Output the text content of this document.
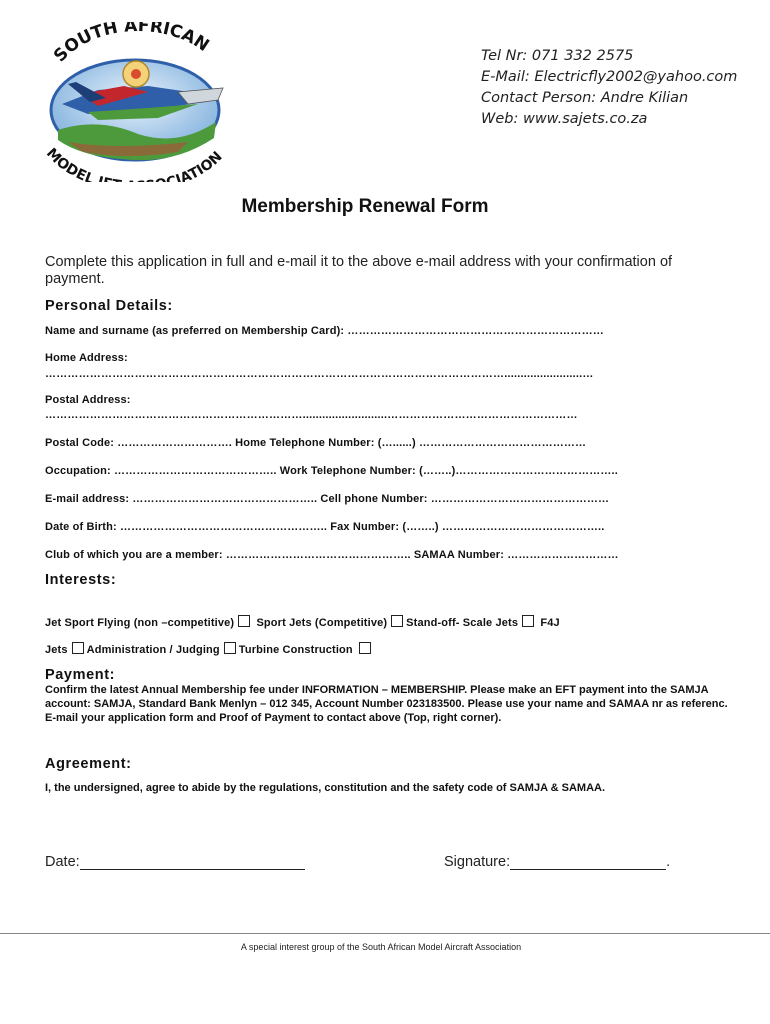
SOUTH AFRICAN
MODEL IATION
Tel Nr: 071 332 2575
E-Mail: Electricfly2002@yahoo.com
Contact Person: Andre Kilian
Web: www.sajets.co.za
Membership Renewal Form
Complete this application in full and e-mail it to the above e-mail address with your confirmation of payment.
Personal Details:
Name and surname (as preferred on Membership Card): ……………………………………………………………
Home Address:
……………………………………………………………………………………………………………........................…
Postal Address:
……………………………………………………………..........................……………………………………………
Postal Code: …………………………. Home Telephone Number: (…......) ………………………………………
Occupation: …………………………………….. Work Telephone Number: (……..)……………………………………..
E-mail address: ………………………………………….. Cell phone Number: …………………………………………
Date of Birth: ……………………………………………….. Fax Number: (……..) ……………………………………..
Club of which you are a member: ………………………………………….. SAMAA Number: …………………………
Interests:
Jet Sport Flying (non –competitive) Sport Jets (Competitive) Stand-off- Scale Jets F4J
Jets Administration / Judging Turbine Construction
Payment:
Confirm the latest Annual Membership fee under INFORMATION – MEMBERSHIP. Please make an EFT payment into the SAMJA account: SAMJA, Standard Bank Menlyn – 012 345, Account Number 023183500. Please use your name and SAMAA nr as referenc. E-mail your application form and Proof of Payment to contact above (Top, right corner).
Agreement:
I, the undersigned, agree to abide by the regulations, constitution and the safety code of SAMJA & SAMAA.
Date:	Signature:	.
A special interest group of the South African Model Aircraft Association
